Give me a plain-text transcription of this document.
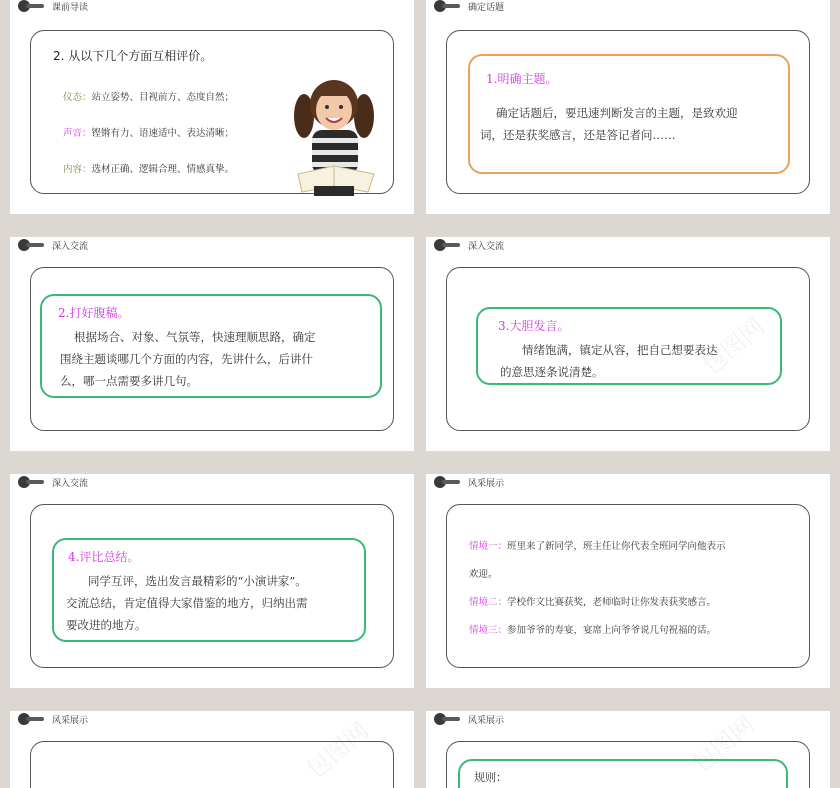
课前导读
2. 从以下几个方面互相评价。
仪态：站立姿势、目视前方、态度自然；
声音：铿锵有力、语速适中、表达清晰；
内容：选材正确、逻辑合理、情感真挚。
确定话题
1.明确主题。
确定话题后，要迅速判断发言的主题，是致欢迎
词，还是获奖感言，还是答记者问……
深入交流
2.打好腹稿。
根据场合、对象、气氛等，快速理顺思路，确定
围绕主题谈哪几个方面的内容，先讲什么，后讲什
么，哪一点需要多讲几句。
深入交流
3.大胆发言。
情绪饱满，镇定从容，把自己想要表达
的意思逐条说清楚。
深入交流
4.评比总结。
同学互评，选出发言最精彩的“小演讲家”。
交流总结，肯定值得大家借鉴的地方，归纳出需
要改进的地方。
风采展示
情境一：班里来了新同学，班主任让你代表全班同学向他表示
欢迎。
情境二：学校作文比赛获奖，老师临时让你发表获奖感言。
情境三：参加爷爷的寿宴，宴席上向爷爷说几句祝福的话。
风采展示	风采展示
规则：
